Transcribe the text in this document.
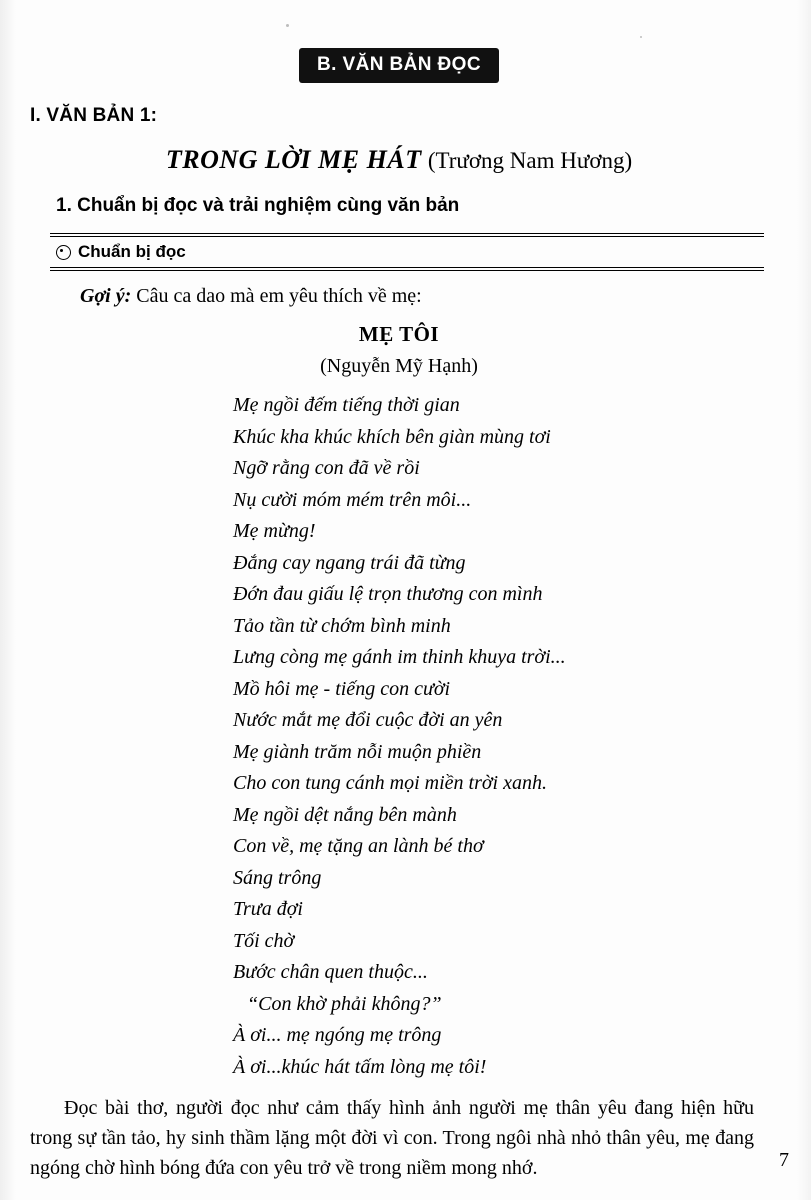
B. VĂN BẢN ĐỌC
I. VĂN BẢN 1:
TRONG LỜI MẸ HÁT (Trương Nam Hương)
1. Chuẩn bị đọc và trải nghiệm cùng văn bản
Chuẩn bị đọc
Gợi ý: Câu ca dao mà em yêu thích về mẹ:
MẸ TÔI
(Nguyễn Mỹ Hạnh)
Mẹ ngồi đếm tiếng thời gian
Khúc kha khúc khích bên giàn mùng tơi
Ngỡ rằng con đã về rồi
Nụ cười móm mém trên môi...
Mẹ mừng!
Đắng cay ngang trái đã từng
Đớn đau giấu lệ trọn thương con mình
Tảo tần từ chớm bình minh
Lưng còng mẹ gánh im thinh khuya trời...
Mồ hôi mẹ - tiếng con cười
Nước mắt mẹ đổi cuộc đời an yên
Mẹ giành trăm nỗi muộn phiền
Cho con tung cánh mọi miền trời xanh.
Mẹ ngồi dệt nắng bên mành
Con về, mẹ tặng an lành bé thơ
Sáng trông
Trưa đợi
Tối chờ
Bước chân quen thuộc...
“Con khờ phải không?”
À ơi... mẹ ngóng mẹ trông
À ơi...khúc hát tấm lòng mẹ tôi!
Đọc bài thơ, người đọc như cảm thấy hình ảnh người mẹ thân yêu đang hiện hữu trong sự tần tảo, hy sinh thầm lặng một đời vì con. Trong ngôi nhà nhỏ thân yêu, mẹ đang ngóng chờ hình bóng đứa con yêu trở về trong niềm mong nhớ.	7
